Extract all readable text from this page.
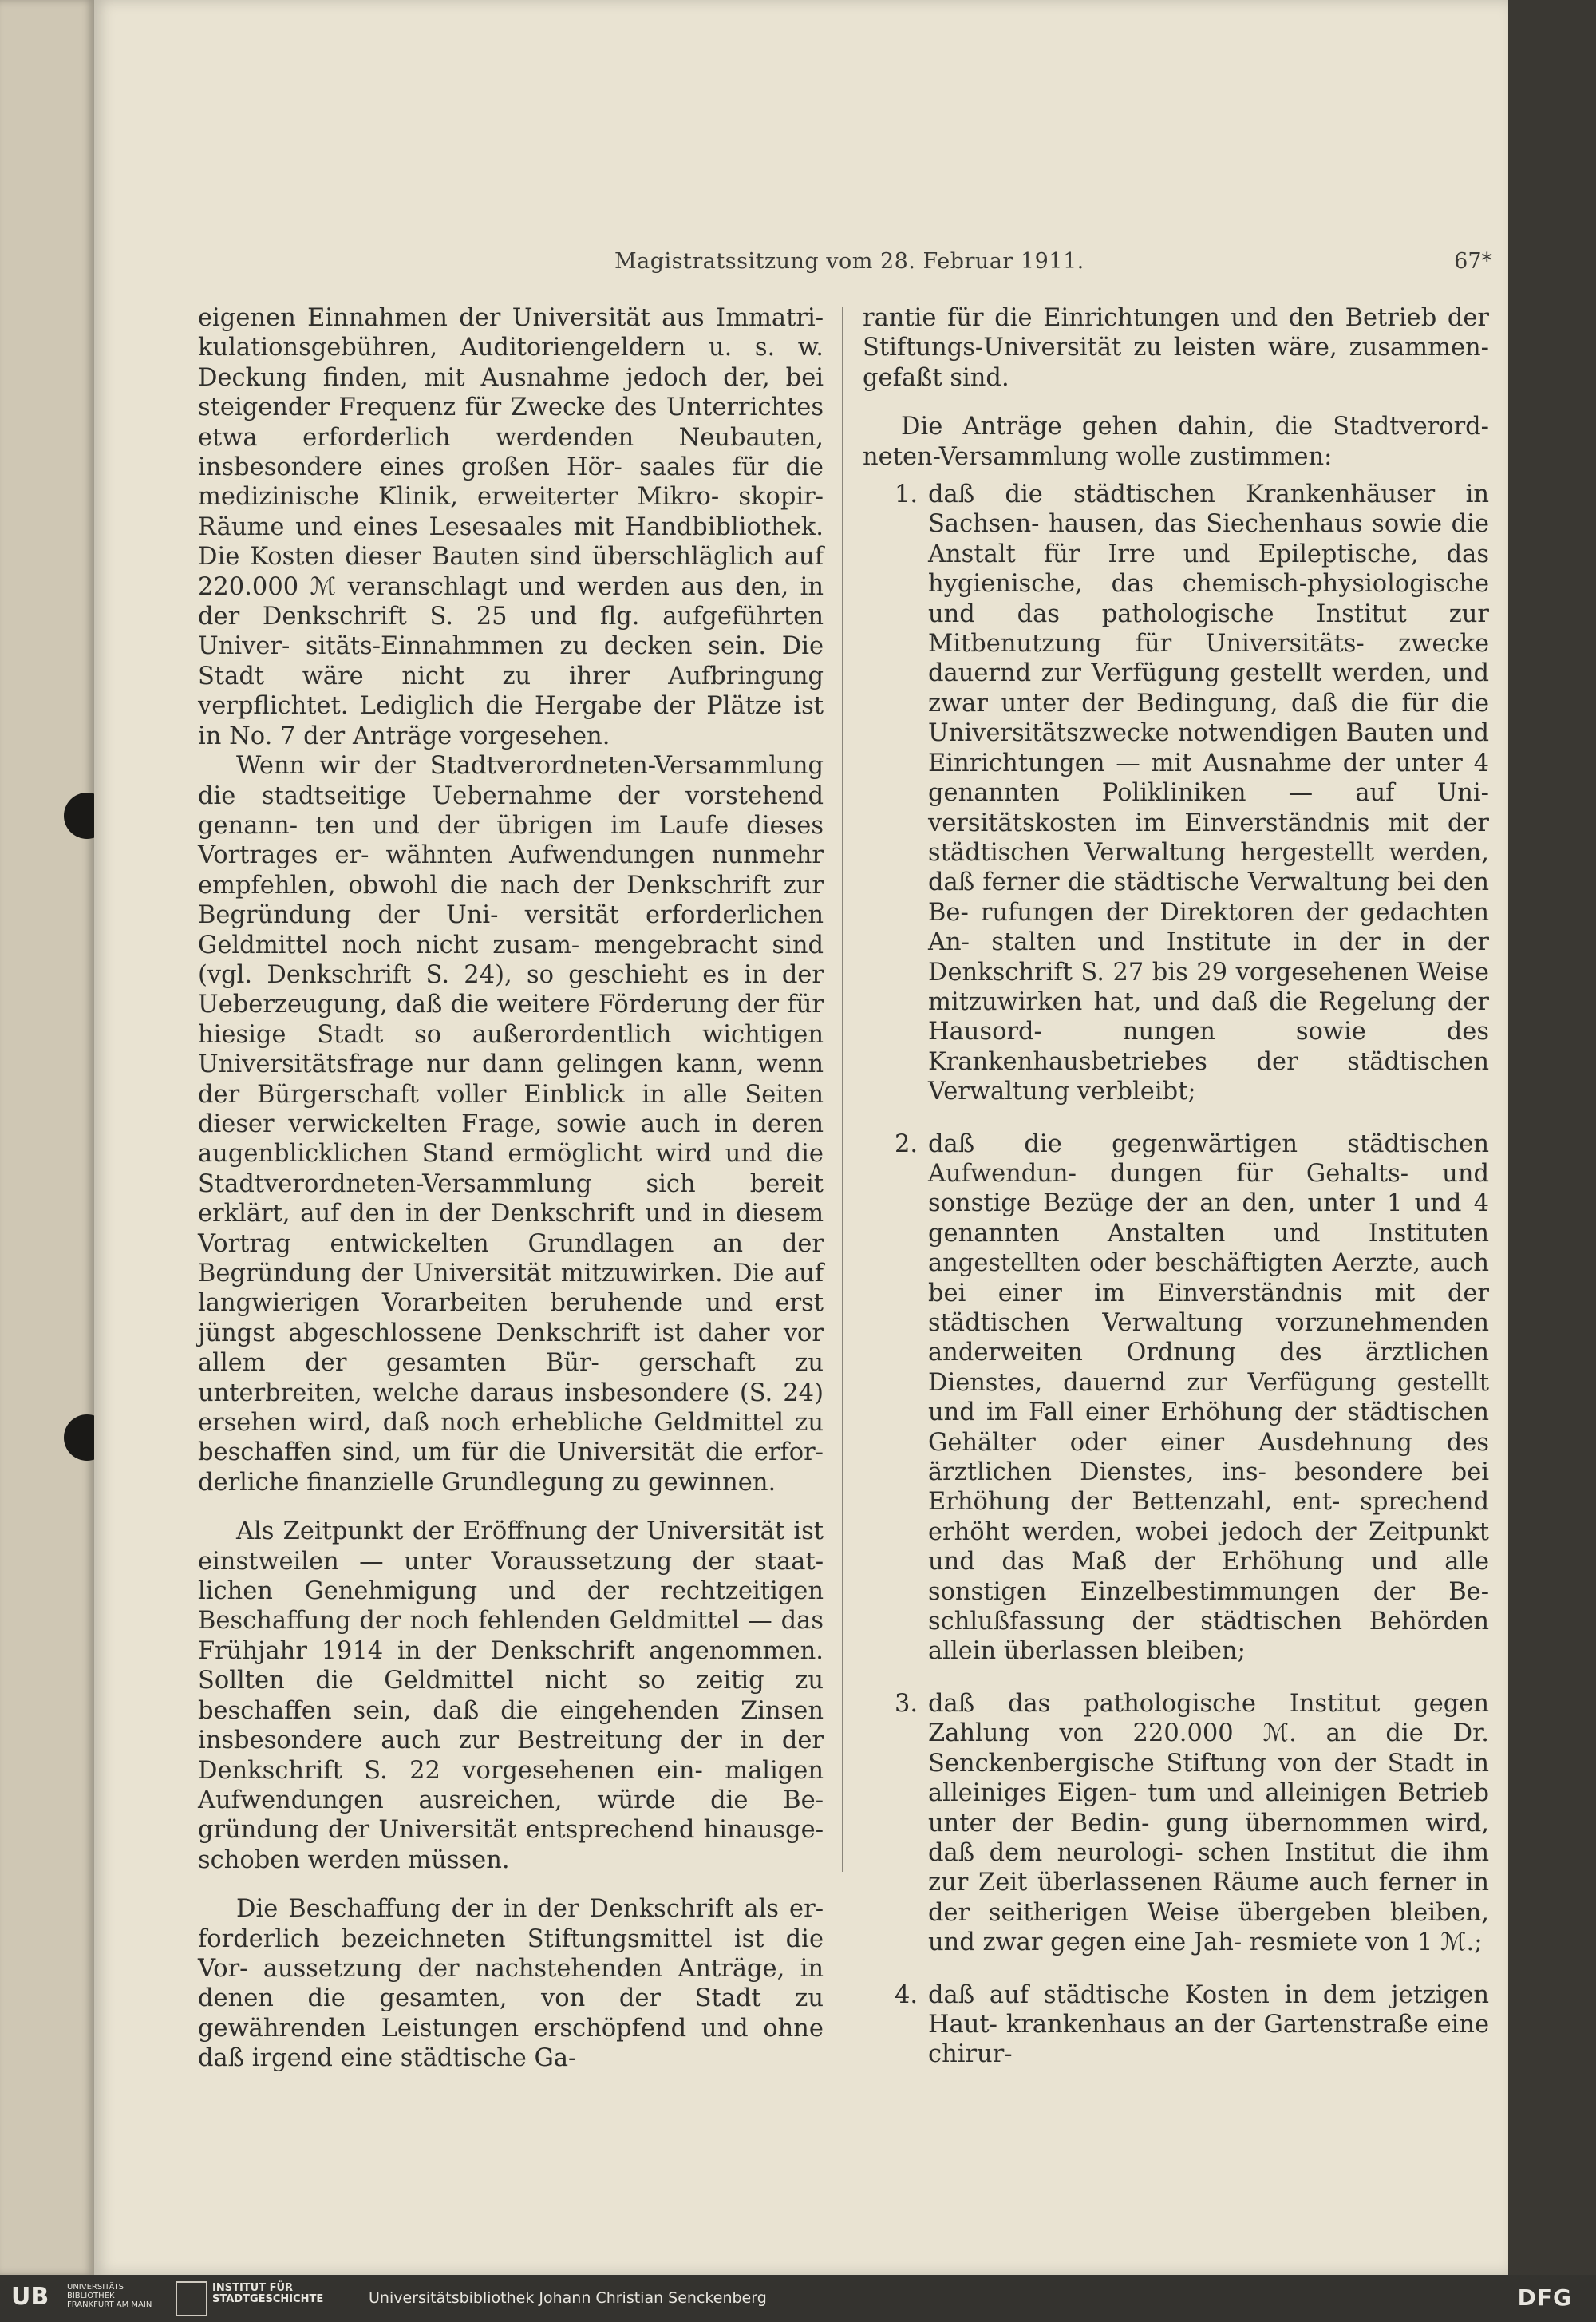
Magistratssitzung vom 28. Februar 1911.	67*

eigenen Einnahmen der Universität aus Immatri- kulationsgebühren, Auditoriengeldern u. s. w. Deckung finden, mit Ausnahme jedoch der, bei steigender Frequenz für Zwecke des Unterrichtes etwa erforderlich werdenden Neubauten, insbesondere eines großen Hör- saales für die medizinische Klinik, erweiterter Mikro- skopir-Räume und eines Lesesaales mit Handbibliothek. Die Kosten dieser Bauten sind überschläglich auf 220.000 ℳ veranschlagt und werden aus den, in der Denkschrift S. 25 und flg. aufgeführten Univer- sitäts-Einnahmmen zu decken sein. Die Stadt wäre nicht zu ihrer Aufbringung verpflichtet. Lediglich die Hergabe der Plätze ist in No. 7 der Anträge vorgesehen.

Wenn wir der Stadtverordneten-Versammlung die stadtseitige Uebernahme der vorstehend genann- ten und der übrigen im Laufe dieses Vortrages er- wähnten Aufwendungen nunmehr empfehlen, obwohl die nach der Denkschrift zur Begründung der Uni- versität erforderlichen Geldmittel noch nicht zusam- mengebracht sind (vgl. Denkschrift S. 24), so geschieht es in der Ueberzeugung, daß die weitere Förderung der für hiesige Stadt so außerordentlich wichtigen Universitätsfrage nur dann gelingen kann, wenn der Bürgerschaft voller Einblick in alle Seiten dieser verwickelten Frage, sowie auch in deren augenblicklichen Stand ermöglicht wird und die Stadtverordneten-Versammlung sich bereit erklärt, auf den in der Denkschrift und in diesem Vortrag entwickelten Grundlagen an der Begründung der Universität mitzuwirken. Die auf langwierigen Vorarbeiten beruhende und erst jüngst abgeschlossene Denkschrift ist daher vor allem der gesamten Bür- gerschaft zu unterbreiten, welche daraus insbesondere (S. 24) ersehen wird, daß noch erhebliche Geldmittel zu beschaffen sind, um für die Universität die erfor- derliche finanzielle Grundlegung zu gewinnen.

Als Zeitpunkt der Eröffnung der Universität ist einstweilen — unter Voraussetzung der staat- lichen Genehmigung und der rechtzeitigen Beschaffung der noch fehlenden Geldmittel — das Frühjahr 1914 in der Denkschrift angenommen. Sollten die Geldmittel nicht so zeitig zu beschaffen sein, daß die eingehenden Zinsen insbesondere auch zur Bestreitung der in der Denkschrift S. 22 vorgesehenen ein- maligen Aufwendungen ausreichen, würde die Be- gründung der Universität entsprechend hinausge- schoben werden müssen.

Die Beschaffung der in der Denkschrift als er- forderlich bezeichneten Stiftungsmittel ist die Vor- aussetzung der nachstehenden Anträge, in denen die gesamten, von der Stadt zu gewährenden Leistungen erschöpfend und ohne daß irgend eine städtische Ga-

rantie für die Einrichtungen und den Betrieb der Stiftungs-Universität zu leisten wäre, zusammen- gefaßt sind.

Die Anträge gehen dahin, die Stadtverord- neten-Versammlung wolle zustimmen:

1. daß die städtischen Krankenhäuser in Sachsen- hausen, das Siechenhaus sowie die Anstalt für Irre und Epileptische, das hygienische, das chemisch-physiologische und das pathologische Institut zur Mitbenutzung für Universitäts- zwecke dauernd zur Verfügung gestellt werden, und zwar unter der Bedingung, daß die für die Universitätszwecke notwendigen Bauten und Einrichtungen — mit Ausnahme der unter 4 genannten Polikliniken — auf Uni- versitätskosten im Einverständnis mit der städtischen Verwaltung hergestellt werden, daß ferner die städtische Verwaltung bei den Be- rufungen der Direktoren der gedachten An- stalten und Institute in der in der Denkschrift S. 27 bis 29 vorgesehenen Weise mitzuwirken hat, und daß die Regelung der Hausord- nungen sowie des Krankenhausbetriebes der städtischen Verwaltung verbleibt;

2. daß die gegenwärtigen städtischen Aufwendun- dungen für Gehalts- und sonstige Bezüge der an den, unter 1 und 4 genannten Anstalten und Instituten angestellten oder beschäftigten Aerzte, auch bei einer im Einverständnis mit der städtischen Verwaltung vorzunehmenden anderweiten Ordnung des ärztlichen Dienstes, dauernd zur Verfügung gestellt und im Fall einer Erhöhung der städtischen Gehälter oder einer Ausdehnung des ärztlichen Dienstes, ins- besondere bei Erhöhung der Bettenzahl, ent- sprechend erhöht werden, wobei jedoch der Zeitpunkt und das Maß der Erhöhung und alle sonstigen Einzelbestimmungen der Be- schlußfassung der städtischen Behörden allein überlassen bleiben;

3. daß das pathologische Institut gegen Zahlung von 220.000 ℳ. an die Dr. Senckenbergische Stiftung von der Stadt in alleiniges Eigen- tum und alleinigen Betrieb unter der Bedin- gung übernommen wird, daß dem neurologi- schen Institut die ihm zur Zeit überlassenen Räume auch ferner in der seitherigen Weise übergeben bleiben, und zwar gegen eine Jah- resmiete von 1 ℳ.;

4. daß auf städtische Kosten in dem jetzigen Haut- krankenhaus an der Gartenstraße eine chirur-

UB UNIVERSITÄTS BIBLIOTHEK FRANKFURT AM MAIN
INSTITUT FÜR STADTGESCHICHTE	Universitätsbibliothek Johann Christian Senckenberg	DFG
